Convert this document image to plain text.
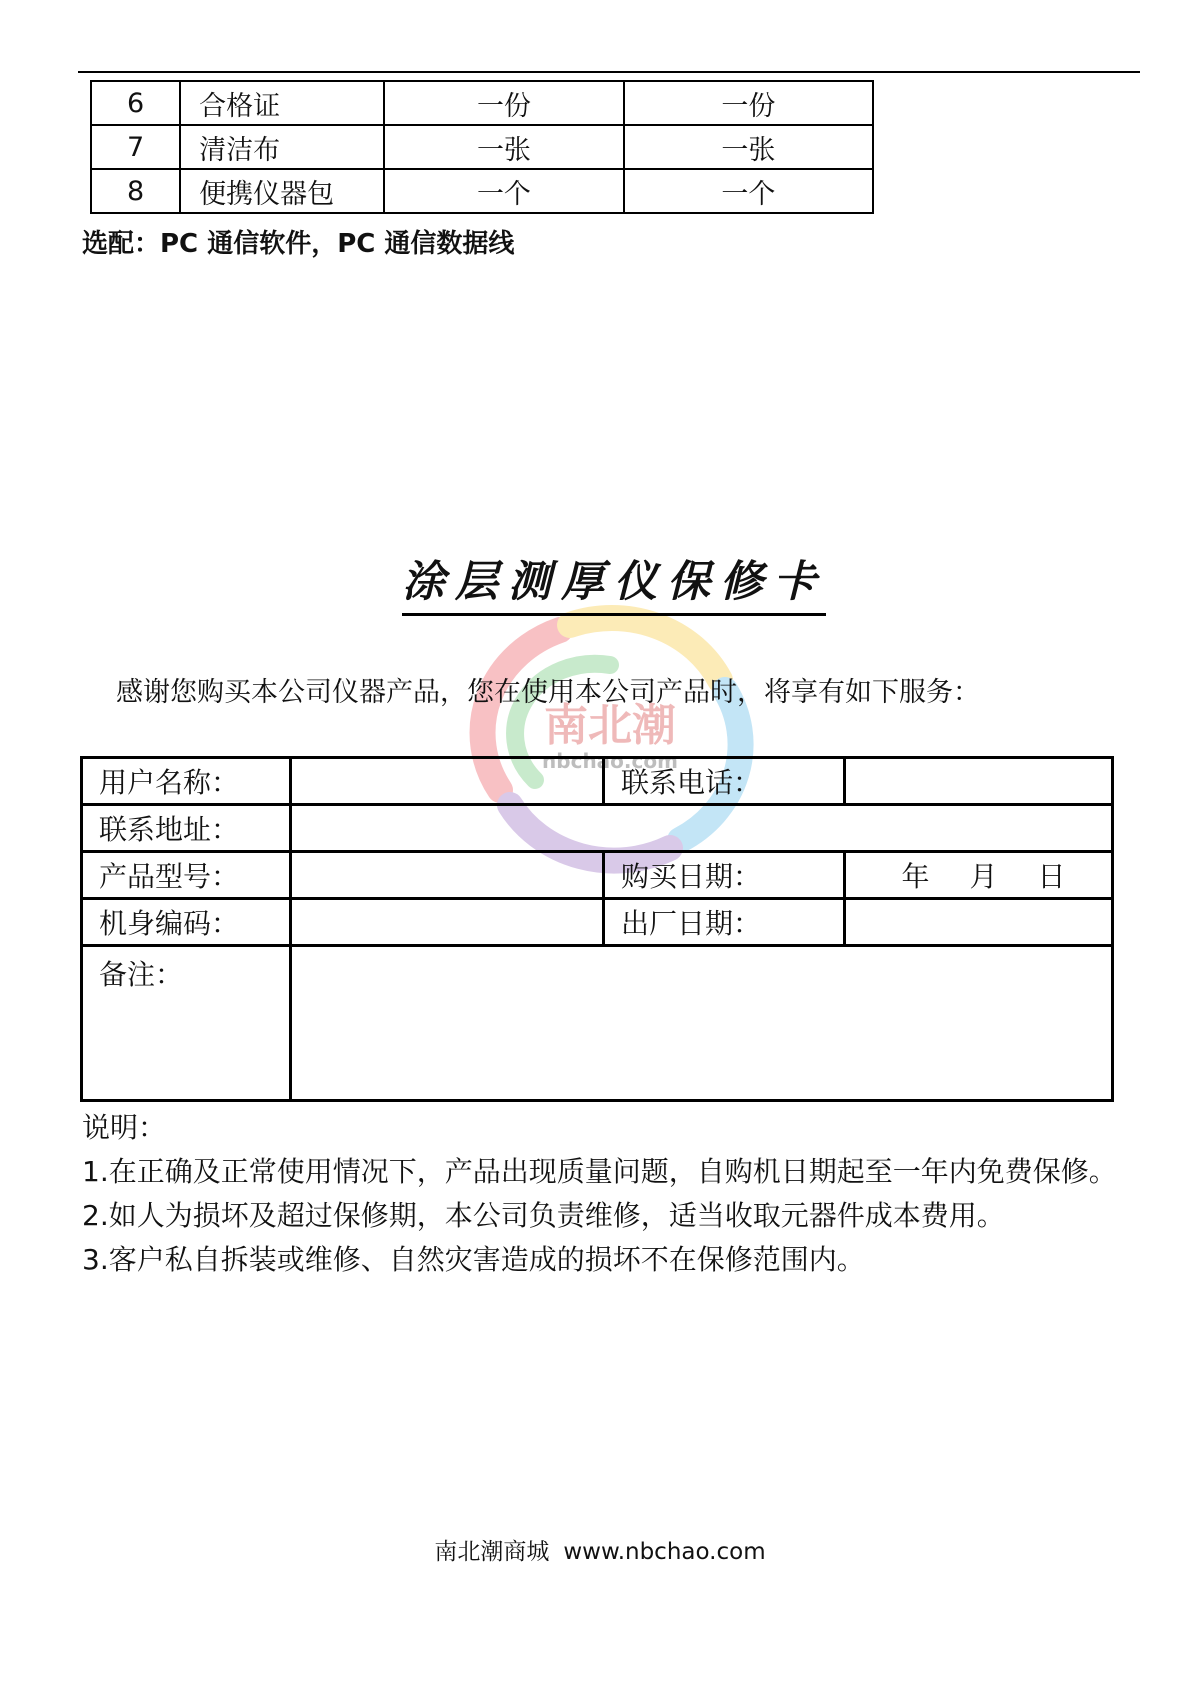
6	合格证	一份	一份
7	清洁布	一张	一张
8	便携仪器包	一个	一个
选配：PC 通信软件，PC 通信数据线
南北潮
nbchao.com
涂层测厚仪保修卡
感谢您购买本公司仪器产品，您在使用本公司产品时，将享有如下服务：
用户名称：		联系电话：	
联系地址：			
产品型号：		购买日期：	年　月　日
机身编码：		出厂日期：	
备注：			

说明：

1.在正确及正常使用情况下，产品出现质量问题，自购机日期起至一年内免费保修。

2.如人为损坏及超过保修期，本公司负责维修，适当收取元器件成本费用。

3.客户私自拆装或维修、自然灾害造成的损坏不在保修范围内。

南北潮商城 www.nbchao.com
